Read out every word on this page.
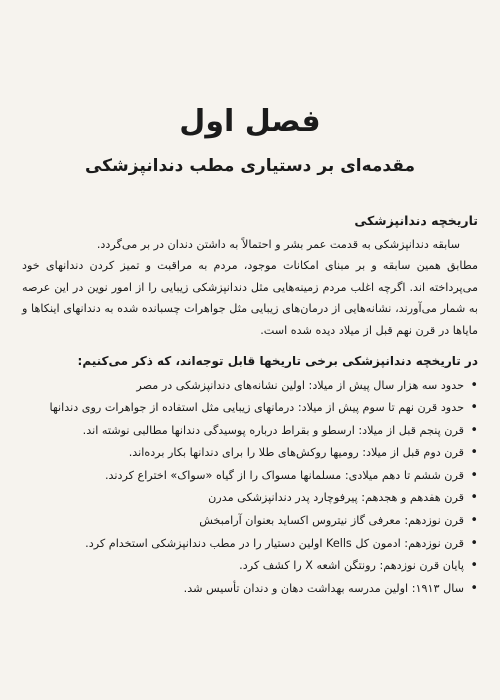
فصل اول
مقدمه‌ای بر دستیاری مطب دندانپزشکی
تاریخچه دندانپزشکی

سابقه دندانپزشکی به قدمت عمر بشر و احتمالاً به داشتن دندان در بر می‌گردد.

مطابق همین سابقه و بر مبنای امکانات موجود، مردم به مراقبت و تمیز کردن دندانهای خود می‌پرداخته اند. اگرچه اغلب مردم زمینه‌هایی مثل دندانپزشکی زیبایی را از امور نوین در این عرصه به شمار می‌آورند، نشانه‌هایی از درمان‌های زیبایی مثل جواهرات چسبانده شده به دندانهای اینکاها و مایاها در قرن نهم قبل از میلاد دیده شده است.

در تاریخچه دندانپزشکی برخی تاریخها قابل توجه‌اند، که ذکر می‌کنیم:
• حدود سه هزار سال پیش از میلاد: اولین نشانه‌های دندانپزشکی در مصر
• حدود قرن نهم تا سوم پیش از میلاد: درمانهای زیبایی مثل استفاده از جواهرات روی دندانها
• قرن پنجم قبل از میلاد: ارسطو و بقراط درباره پوسیدگی دندانها مطالبی نوشته اند.
• قرن دوم قبل از میلاد: رومیها روکش‌های طلا را برای دندانها بکار برده‌اند.
• قرن ششم تا دهم میلادی: مسلمانها مسواک را از گیاه «سواک» اختراع کردند.
• قرن هفدهم و هجدهم: پیرفوچارد پدر دندانپزشکی مدرن
• قرن نوزدهم: معرفی گاز نیتروس اکساید بعنوان آرامبخش
• قرن نوزدهم: ادمون کل Kells اولین دستیار را در مطب دندانپزشکی استخدام کرد.
• پایان قرن نوزدهم: رونتگن اشعه X را کشف کرد.
• سال ۱۹۱۳: اولین مدرسه بهداشت دهان و دندان تأسیس شد.
